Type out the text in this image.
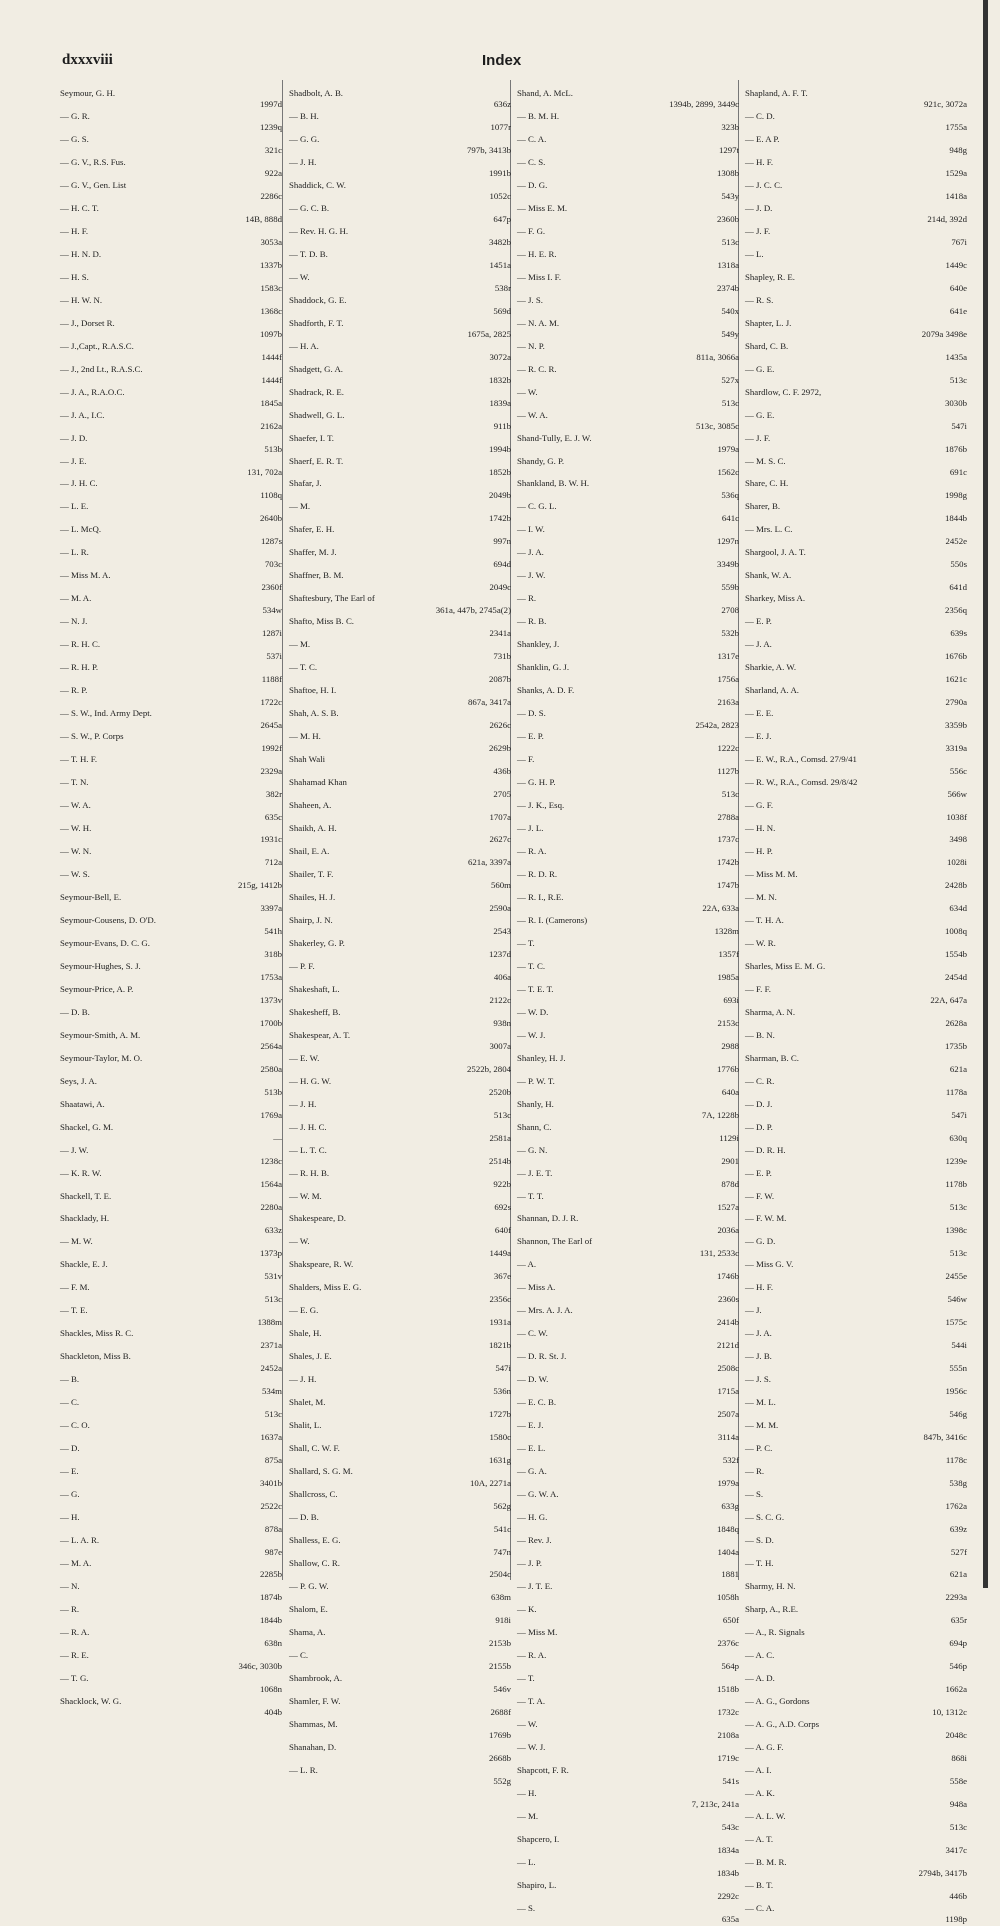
dxxxviii	Index
Seymour, G. H.
1997d
— G. R.
1239q
— G. S.
321c
— G. V., R.S. Fus.
922a
— G. V., Gen. List
2286c
— H. C. T.
14B, 888d
— H. F.
3053a
— H. N. D.
1337b
— H. S.
1583c
— H. W. N.
1368c
— J., Dorset R.
1097b
— J.,Capt., R.A.S.C.
1444f
— J., 2nd Lt., R.A.S.C.
1444f
— J. A., R.A.O.C.
1845a
— J. A., I.C.
2162a
— J. D.
513b
— J. E.
131, 702a
— J. H. C.
1108q
— L. E.
2640b
— L. McQ.
1287s
— L. R.
703c
— Miss M. A.
2360f
— M. A.
534w
— N. J.
1287i
— R. H. C.
537i
— R. H. P.
1188f
— R. P.
1722c
— S. W., Ind. Army Dept.
2645a
— S. W., P. Corps
1992f
— T. H. F.
2329a
— T. N.
382r
— W. A.
635c
— W. H.
1931c
— W. N.
712a
— W. S.
215g, 1412b
Seymour-Bell, E.
3397a
Seymour-Cousens, D. O'D.
541h
Seymour-Evans, D. C. G.
318b
Seymour-Hughes, S. J.
1753a
Seymour-Price, A. P.
1373v
— D. B.
1700b
Seymour-Smith, A. M.
2564a
Seymour-Taylor, M. O.
2580a
Seys, J. A.
513b
Shaatawi, A.
1769a
Shackel, G. M.
—
— J. W.
1238c
— K. R. W.
1564a
Shackell, T. E.
2280a
Shacklady, H.
633z
— M. W.
1373p
Shackle, E. J.
531v
— F. M.
513c
— T. E.
1388m
Shackles, Miss R. C.
2371a
Shackleton, Miss B.
2452a
— B.
534m
— C.
513c
— C. O.
1637a
— D.
875a
— E.
3401b
— G.
2522c
— H.
878a
— L. A. R.
987e
— M. A.
2285b
— N.
1874b
— R.
1844b
— R. A.
638n
— R. E.
346c, 3030b
— T. G.
1068n
Shacklock, W. G.
404b
Shadbolt, A. B.
636z
— B. H.
1077r
— G. G.
797b, 3413b
— J. H.
1991b
Shaddick, C. W.
1052c
— G. C. B.
647p
— Rev. H. G. H.
3482b
— T. D. B.
1451a
— W.
538r
Shaddock, G. E.
569d
Shadforth, F. T.
1675a, 2825
— H. A.
3072a
Shadgett, G. A.
1832b
Shadrack, R. E.
1839a
Shadwell, G. L.
911b
Shaefer, I. T.
1994b
Shaerf, E. R. T.
1852b
Shafar, J.
2049b
— M.
1742b
Shafer, E. H.
997n
Shaffer, M. J.
694d
Shaffner, B. M.
2049c
Shaftesbury, The Earl of
361a, 447b, 2745a(2)
Shafto, Miss B. C.
2341a
— M.
731b
— T. C.
2087b
Shaftoe, H. I.
867a, 3417a
Shah, A. S. B.
2626c
— M. H.
2629b
Shah Wali
436b
Shahamad Khan
2705
Shaheen, A.
1707a
Shaikh, A. H.
2627c
Shail, E. A.
621a, 3397a
Shailer, T. F.
560m
Shailes, H. J.
2590a
Shairp, J. N.
2543
Shakerley, G. P.
1237d
— P. F.
406a
Shakeshaft, L.
2122c
Shakesheff, B.
938n
Shakespear, A. T.
3007a
— E. W.
2522b, 2804
— H. G. W.
2520b
— J. H.
513c
— J. H. C.
2581a
— L. T. C.
2514b
— R. H. B.
922b
— W. M.
692s
Shakespeare, D.
640f
— W.
1449a
Shakspeare, R. W.
367e
Shalders, Miss E. G.
2356c
— E. G.
1931a
Shale, H.
1821b
Shales, J. E.
547i
— J. H.
536n
Shalet, M.
1727b
Shalit, L.
1580c
Shall, C. W. F.
1631g
Shallard, S. G. M.
10A, 2271a
Shallcross, C.
562g
— D. B.
541c
Shalless, E. G.
747n
Shallow, C. R.
2504c
— P. G. W.
638m
Shalom, E.
918i
Shama, A.
2153b
— C.
2155b
Shambrook, A.
546v
Shamler, F. W.
2688f
Shammas, M.
1769b
Shanahan, D.
2668b
— L. R.
552g
Shand, A. McL.
1394b, 2899, 3449c
— B. M. H.
323b
— C. A.
1297t
— C. S.
1308b
— D. G.
543y
— Miss E. M.
2360b
— F. G.
513c
— H. E. R.
1318a
— Miss I. F.
2374b
— J. S.
540x
— N. A. M.
549y
— N. P.
811a, 3066a
— R. C. R.
527x
— W.
513c
— W. A.
513c, 3085c
Shand-Tully, E. J. W.
1979a
Shandy, G. P.
1562c
Shankland, B. W. H.
536q
— C. G. L.
641c
— I. W.
1297n
— J. A.
3349b
— J. W.
559b
— R.
2708
— R. B.
532b
Shankley, J.
1317e
Shanklin, G. J.
1756a
Shanks, A. D. F.
2163a
— D. S.
2542a, 2823
— E. P.
1222c
— F.
1127b
— G. H. P.
513c
— J. K., Esq.
2788a
— J. L.
1737c
— R. A.
1742b
— R. D. R.
1747b
— R. I., R.E.
22A, 633a
— R. I. (Camerons)
1328m
— T.
1357f
— T. C.
1985a
— T. E. T.
693i
— W. D.
2153c
— W. J.
2988
Shanley, H. J.
1776b
— P. W. T.
640a
Shanly, H.
7A, 1228b
Shann, C.
1129i
— G. N.
2901
— J. E. T.
878d
— T. T.
1527a
Shannan, D. J. R.
2036a
Shannon, The Earl of
131, 2533c
— A.
1746b
— Miss A.
2360s
— Mrs. A. J. A.
2414b
— C. W.
2121d
— D. R. St. J.
2508c
— D. W.
1715a
— E. C. B.
2507a
— E. J.
3114a
— E. L.
532f
— G. A.
1979a
— G. W. A.
633g
— H. G.
1848q
— Rev. J.
1404a
— J. P.
1881
— J. T. E.
1058h
— K.
650f
— Miss M.
2376c
— R. A.
564p
— T.
1518b
— T. A.
1732c
— W.
2108a
— W. J.
1719c
Shapcott, F. R.
541s
— H.
7, 213c, 241a
— M.
543c
Shapcero, I.
1834a
— L.
1834b
Shapiro, L.
2292c
— S.
635a
Shapland, A. F. T.
921c, 3072a
— C. D.
1755a
— E. A P.
948g
— H. F.
1529a
— J. C. C.
1418a
— J. D.
214d, 392d
— J. F.
767i
— L.
1449c
Shapley, R. E.
640e
— R. S.
641e
Shapter, L. J.
2079a 3498e
Shard, C. B.
1435a
— G. E.
513c
Shardlow, C. F. 2972,
3030b
— G. E.
547i
— J. F.
1876b
— M. S. C.
691c
Share, C. H.
1998g
Sharer, B.
1844b
— Mrs. L. C.
2452e
Shargool, J. A. T.
550s
Shank, W. A.
641d
Sharkey, Miss A.
2356q
— E. P.
639s
— J. A.
1676b
Sharkie, A. W.
1621c
Sharland, A. A.
2790a
— E. E.
3359b
— E. J.
3319a
— E. W., R.A., Comsd. 27/9/41
556c
— R. W., R.A., Comsd. 29/8/42
566w
— G. F.
1038f
— H. N.
3498
— H. P.
1028i
— Miss M. M.
2428b
— M. N.
634d
— T. H. A.
1008q
— W. R.
1554b
Sharles, Miss E. M. G.
2454d
— F. F.
22A, 647a
Sharma, A. N.
2628a
— B. N.
1735b
Sharman, B. C.
621a
— C. R.
1178a
— D. J.
547i
— D. P.
630q
— D. R. H.
1239e
— E. P.
1178b
— F. W.
513c
— F. W. M.
1398c
— G. D.
513c
— Miss G. V.
2455e
— H. F.
546w
— J.
1575c
— J. A.
544i
— J. B.
555n
— J. S.
1956c
— M. L.
546g
— M. M.
847b, 3416c
— P. C.
1178c
— R.
538g
— S.
1762a
— S. C. G.
639z
— S. D.
527f
— T. H.
621a
Sharmy, H. N.
2293a
Sharp, A., R.E.
635r
— A., R. Signals
694p
— A. C.
546p
— A. D.
1662a
— A. G., Gordons
10, 1312c
— A. G., A.D. Corps
2048c
— A. G. F.
868i
— A. I.
558e
— A. K.
948a
— A. L. W.
513c
— A. T.
3417c
— B. M. R.
2794b, 3417b
— B. T.
446b
— C. A.
1198p
